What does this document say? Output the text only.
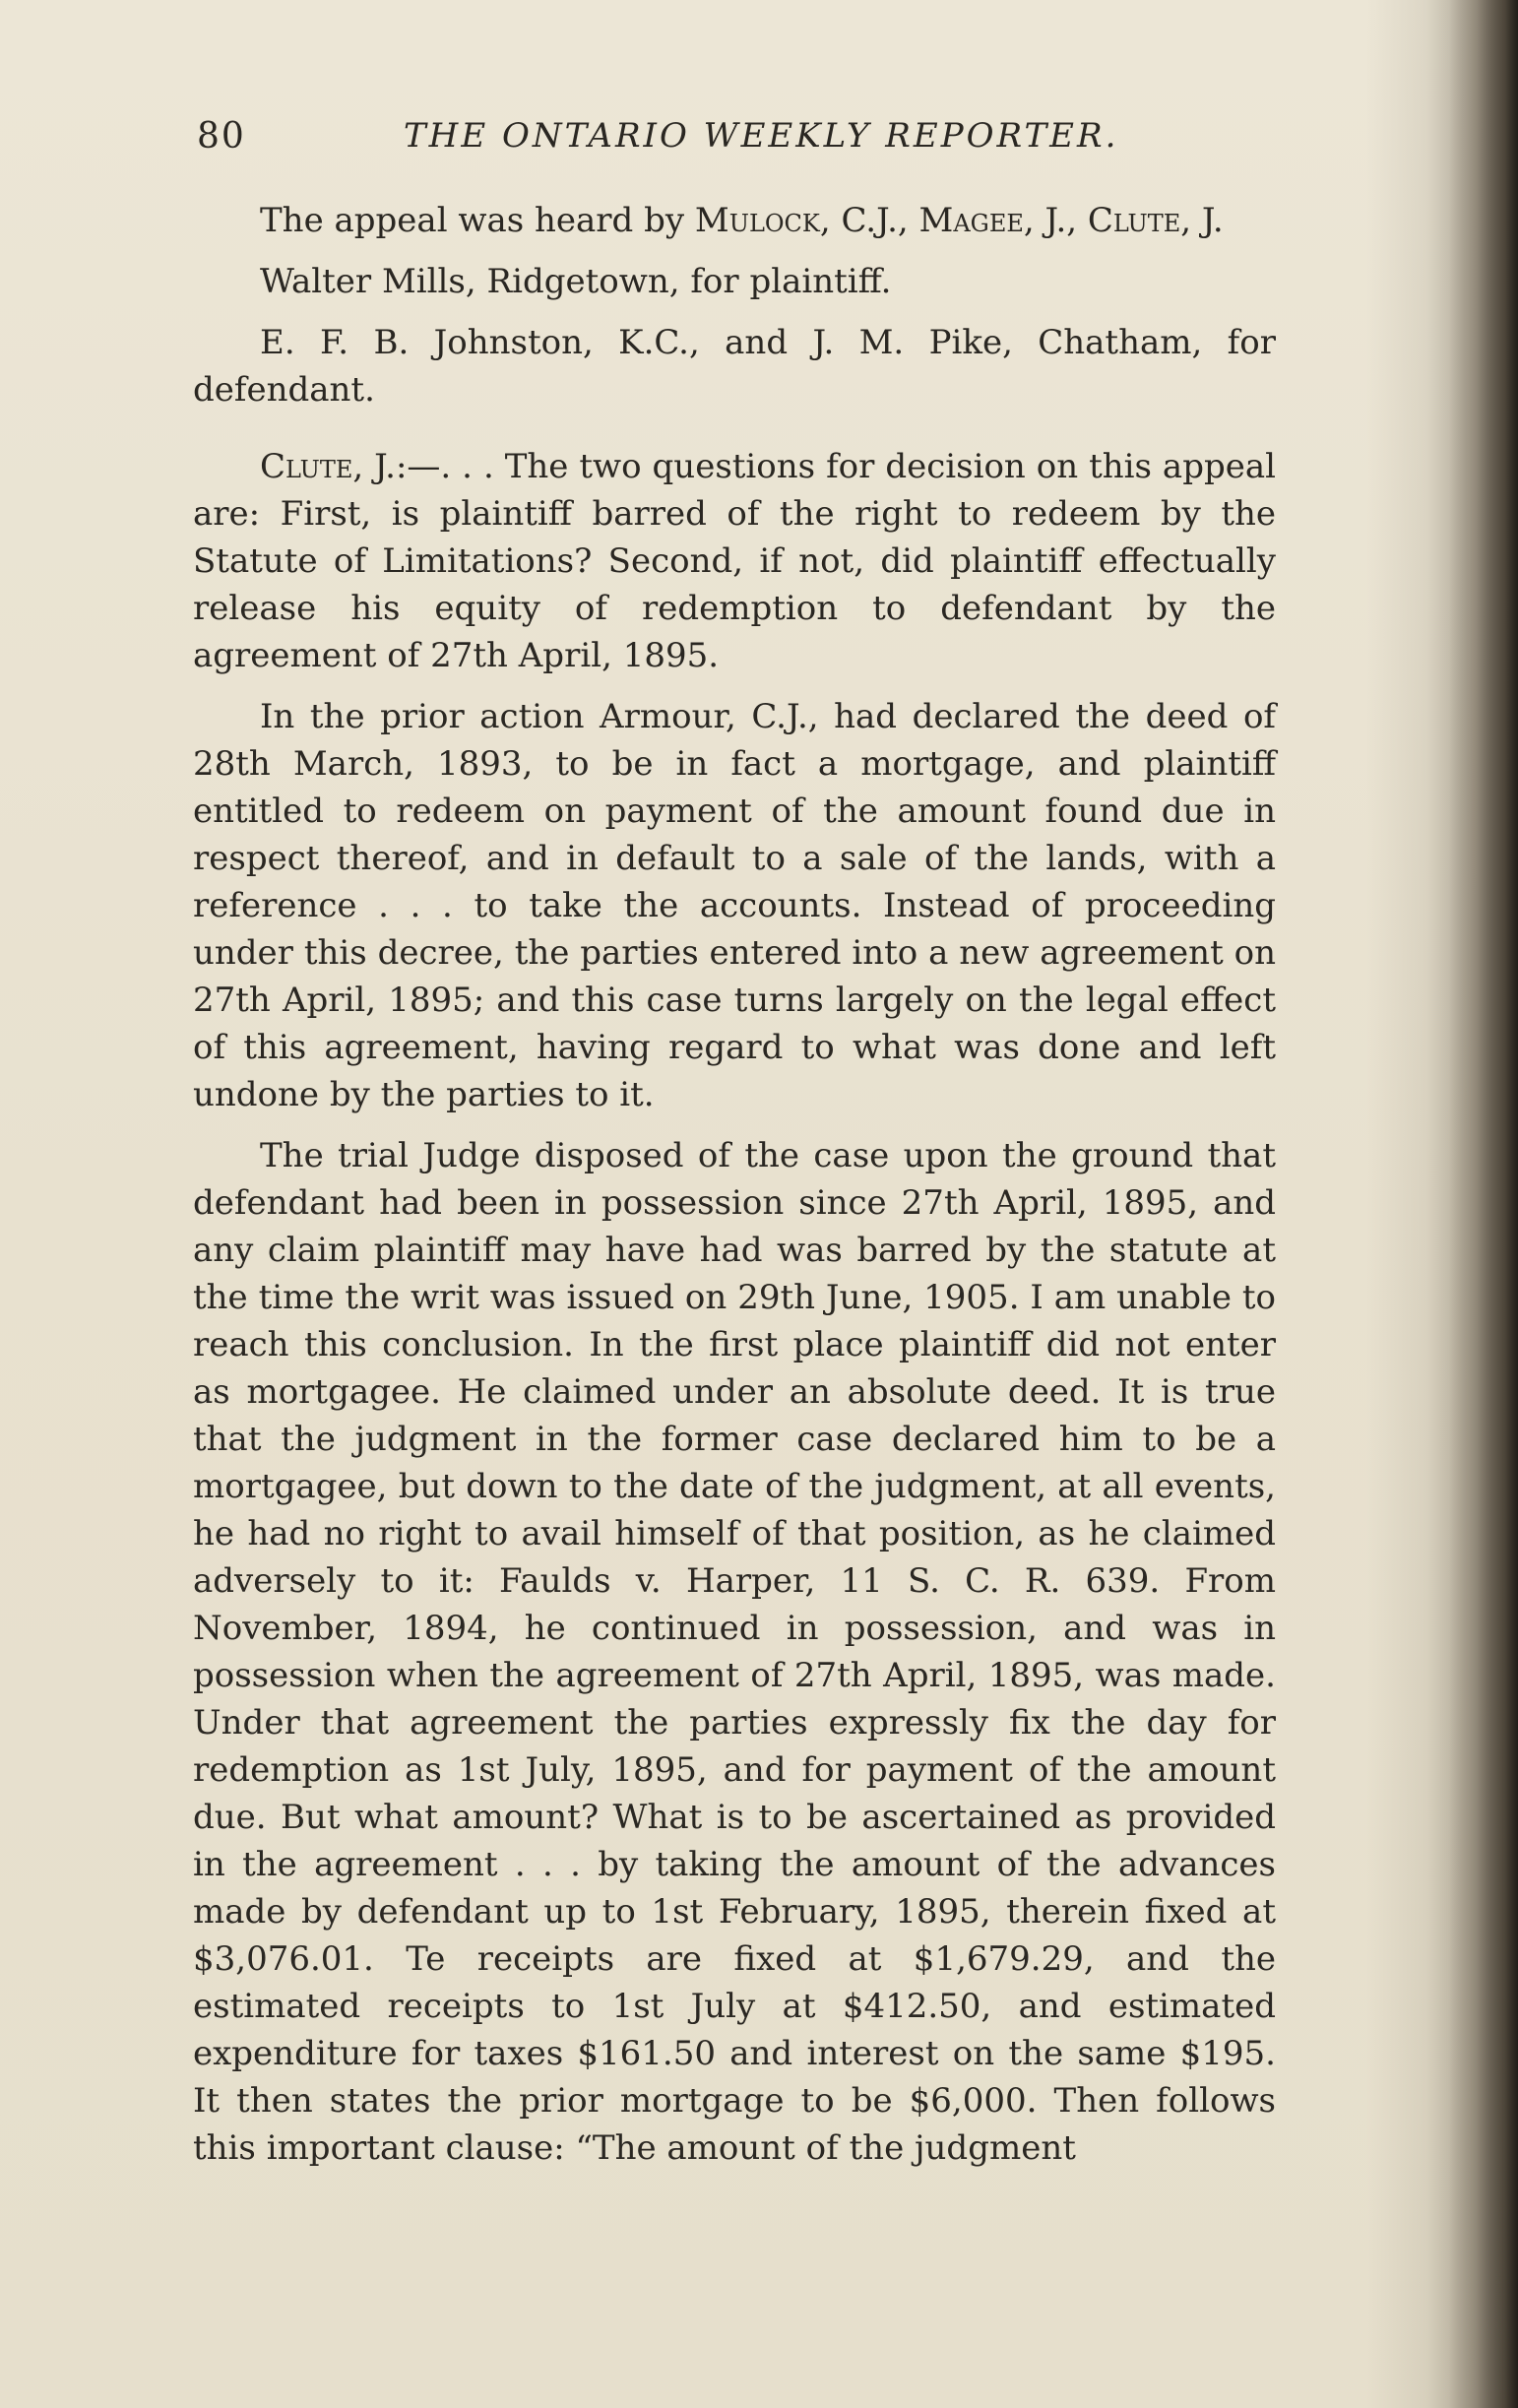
80	THE ONTARIO WEEKLY REPORTER.

The appeal was heard by Mulock, C.J., Magee, J., Clute, J.

Walter Mills, Ridgetown, for plaintiff.

E. F. B. Johnston, K.C., and J. M. Pike, Chatham, for defendant.

Clute, J.:—. . . The two questions for decision on this appeal are: First, is plaintiff barred of the right to redeem by the Statute of Limitations? Second, if not, did plaintiff effectually release his equity of redemption to defendant by the agreement of 27th April, 1895.

In the prior action Armour, C.J., had declared the deed of 28th March, 1893, to be in fact a mortgage, and plaintiff entitled to redeem on payment of the amount found due in respect thereof, and in default to a sale of the lands, with a reference . . . to take the accounts. Instead of proceeding under this decree, the parties entered into a new agreement on 27th April, 1895; and this case turns largely on the legal effect of this agreement, having regard to what was done and left undone by the parties to it.

The trial Judge disposed of the case upon the ground that defendant had been in possession since 27th April, 1895, and any claim plaintiff may have had was barred by the statute at the time the writ was issued on 29th June, 1905. I am unable to reach this conclusion. In the first place plaintiff did not enter as mortgagee. He claimed under an absolute deed. It is true that the judgment in the former case declared him to be a mortgagee, but down to the date of the judgment, at all events, he had no right to avail himself of that position, as he claimed adversely to it: Faulds v. Harper, 11 S. C. R. 639. From November, 1894, he continued in possession, and was in possession when the agreement of 27th April, 1895, was made. Under that agreement the parties expressly fix the day for redemption as 1st July, 1895, and for payment of the amount due. But what amount? What is to be ascertained as provided in the agreement . . . by taking the amount of the advances made by defendant up to 1st February, 1895, therein fixed at $3,076.01. Te receipts are fixed at $1,679.29, and the estimated receipts to 1st July at $412.50, and estimated expenditure for taxes $161.50 and interest on the same $195. It then states the prior mortgage to be $6,000. Then follows this important clause: “The amount of the judgment
